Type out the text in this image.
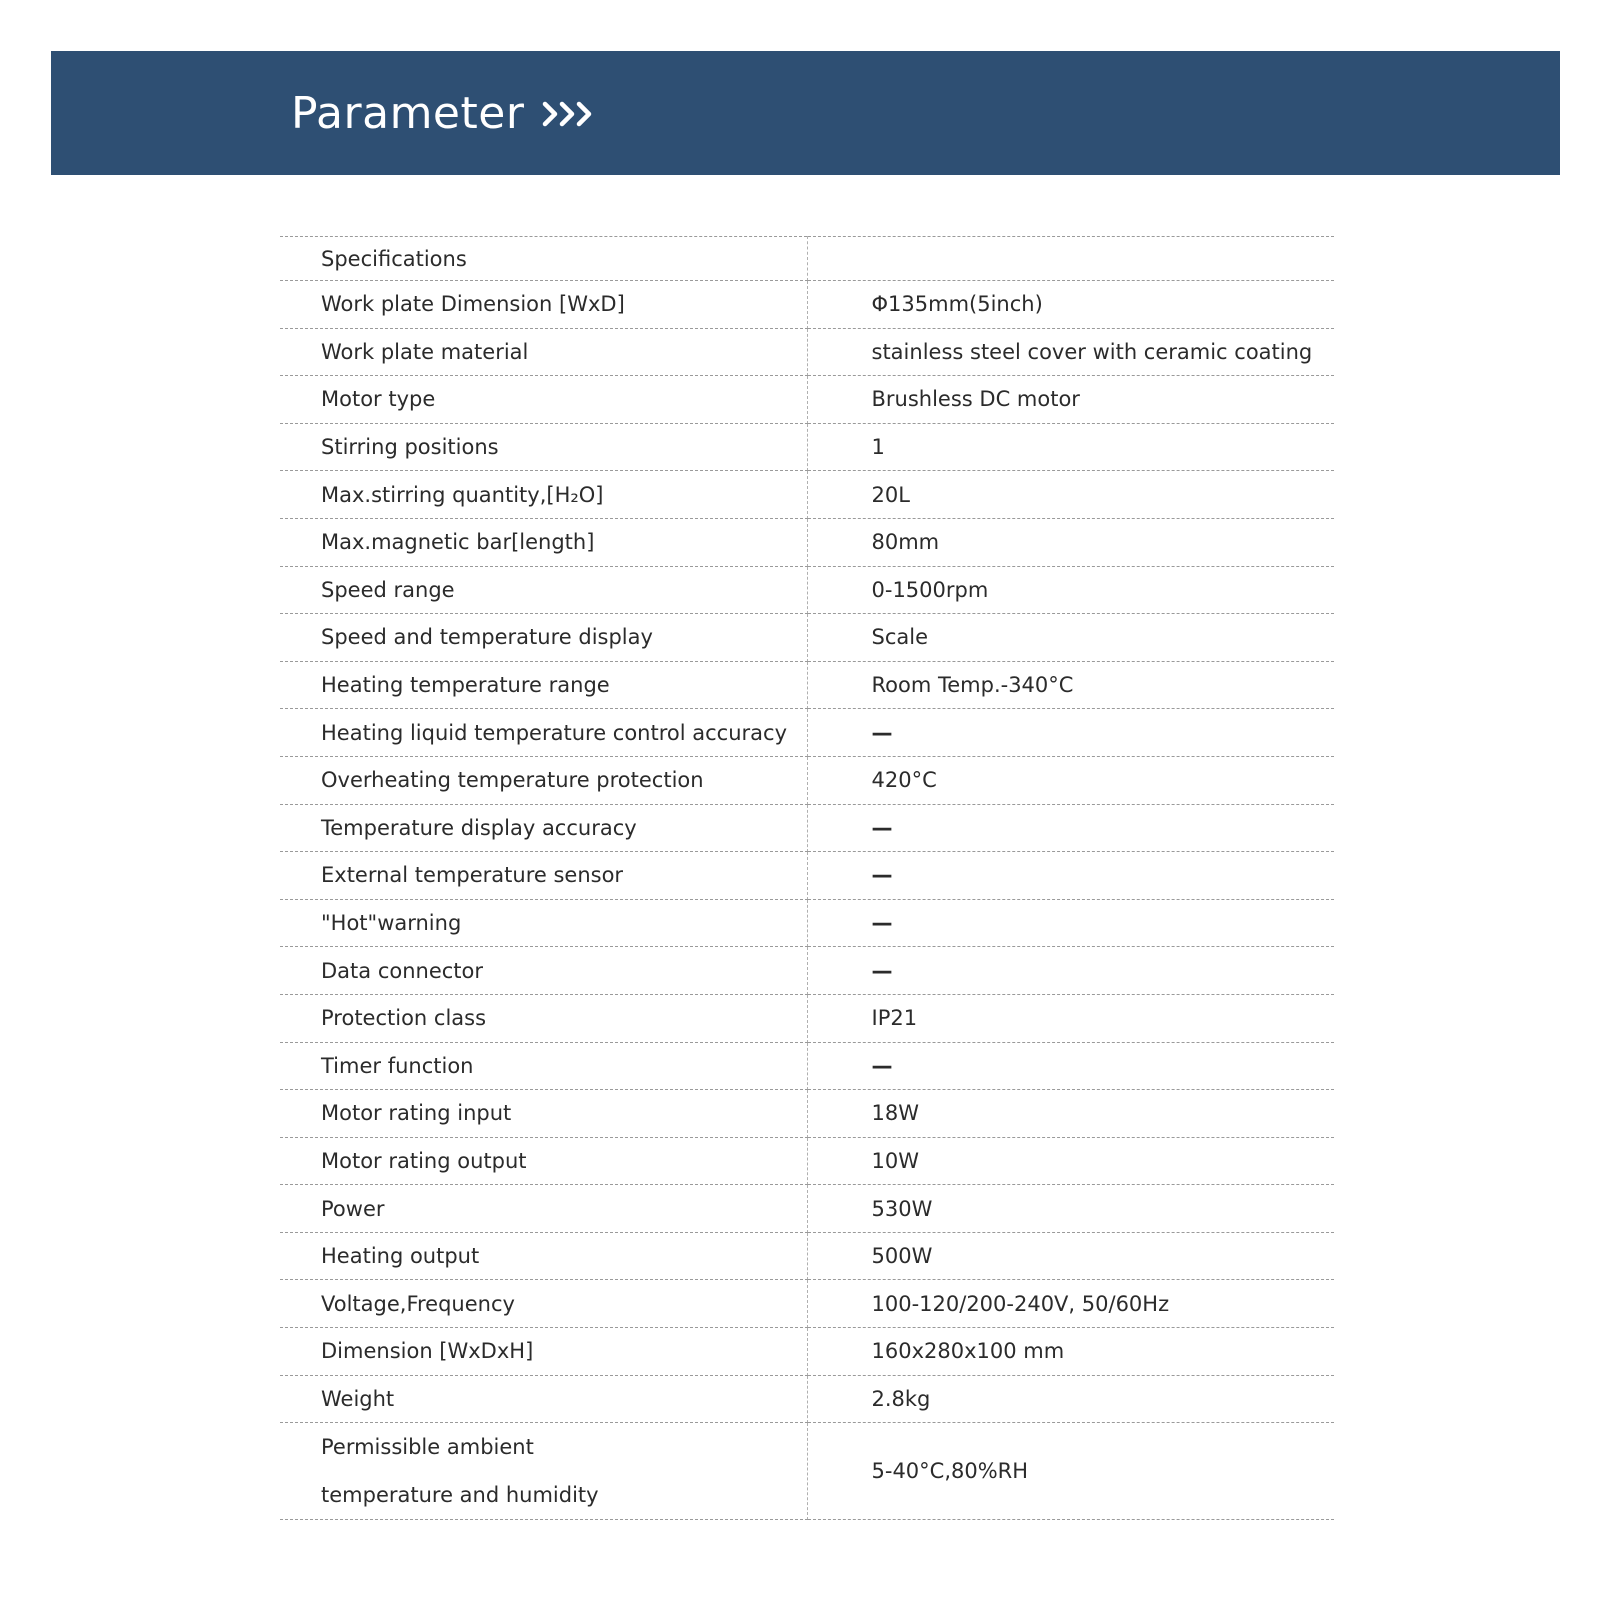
Parameter
Specifications	
Work plate Dimension [WxD]	Φ135mm(5inch)
Work plate material	stainless steel cover with ceramic coating
Motor type	Brushless DC motor
Stirring positions	1
Max.stirring quantity,[H₂O]	20L
Max.magnetic bar[length]	80mm
Speed range	0-1500rpm
Speed and temperature display	Scale
Heating temperature range	Room Temp.-340°C
Heating liquid temperature control accuracy	—
Overheating temperature protection	420°C
Temperature display accuracy	—
External temperature sensor	—
"Hot"warning	—
Data connector	—
Protection class	IP21
Timer function	—
Motor rating input	18W
Motor rating output	10W
Power	530W
Heating output	500W
Voltage,Frequency	100-120/200-240V, 50/60Hz
Dimension [WxDxH]	160x280x100 mm
Weight	2.8kg
Permissible ambient
temperature and humidity	5-40°C,80%RH
